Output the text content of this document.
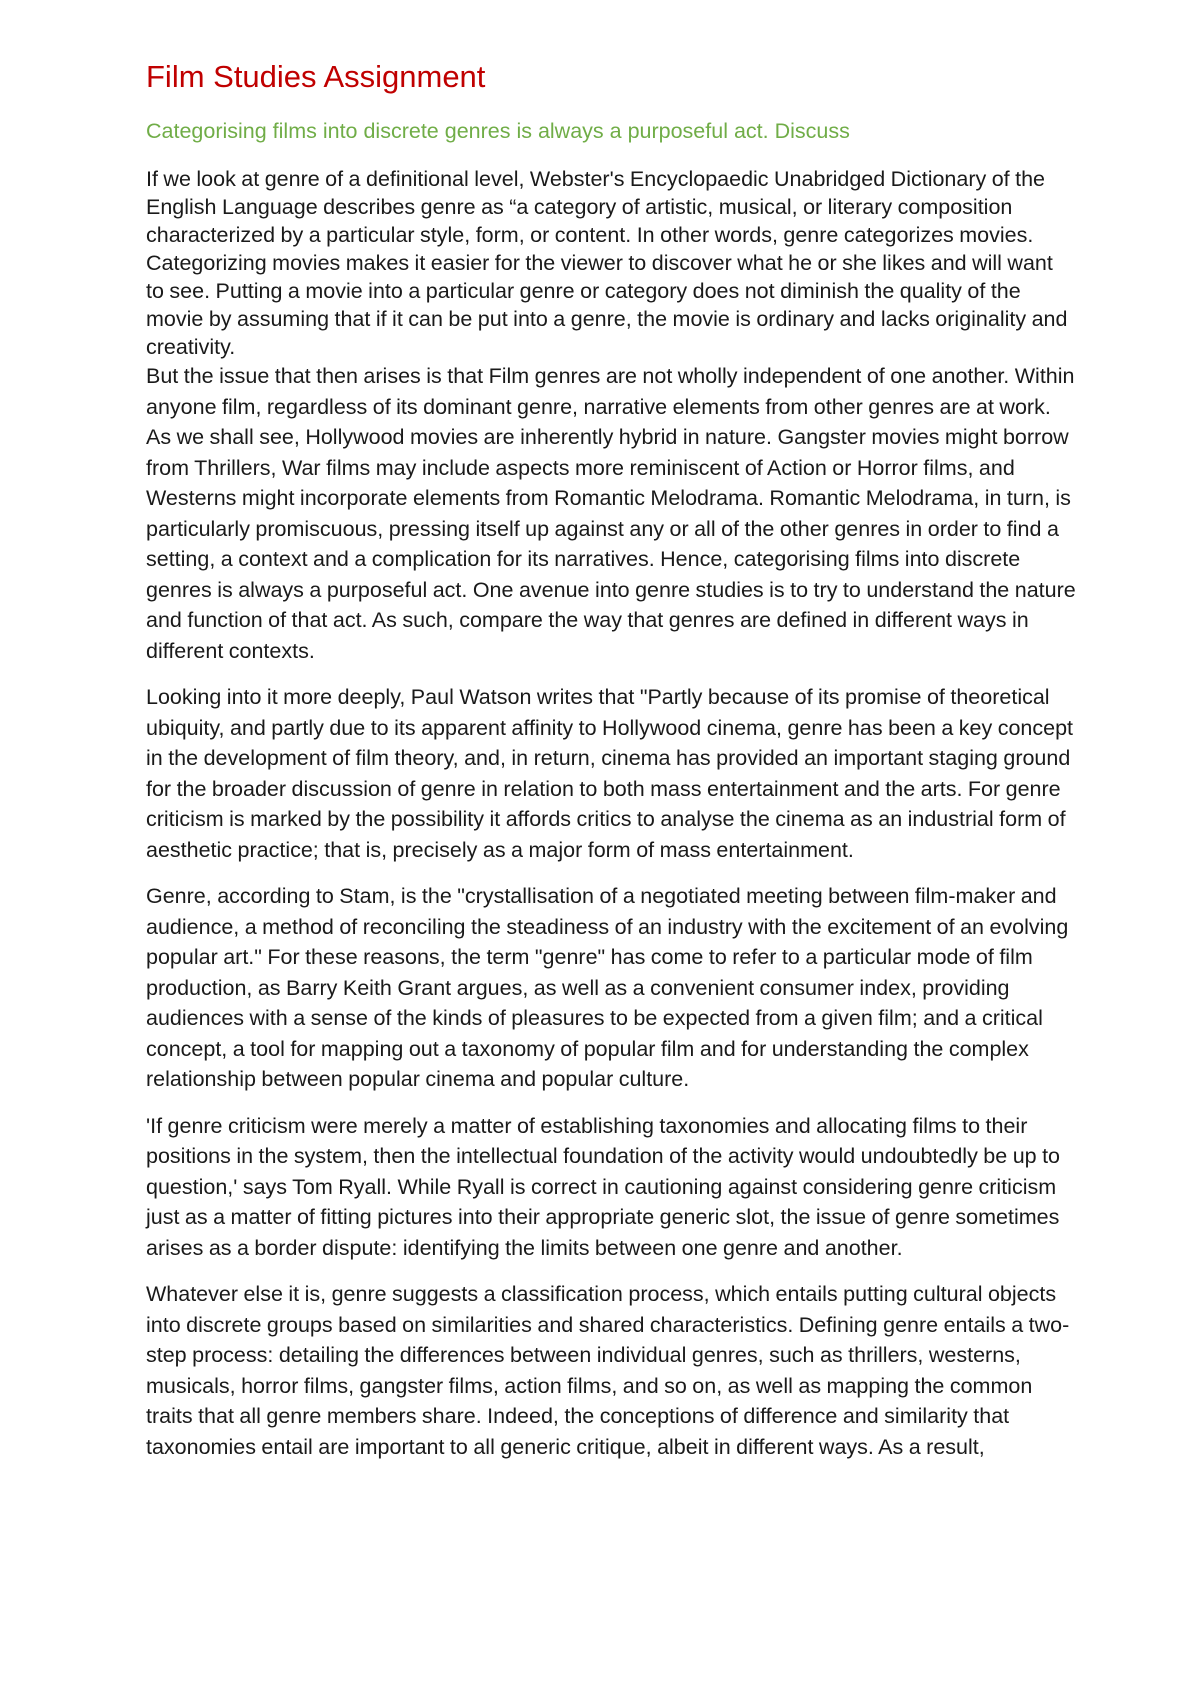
Film Studies Assignment
Categorising films into discrete genres is always a purposeful act. Discuss

If we look at genre of a definitional level, Webster's Encyclopaedic Unabridged Dictionary of the English Language describes genre as “a category of artistic, musical, or literary composition characterized by a particular style, form, or content. In other words, genre categorizes movies. Categorizing movies makes it easier for the viewer to discover what he or she likes and will want to see. Putting a movie into a particular genre or category does not diminish the quality of the movie by assuming that if it can be put into a genre, the movie is ordinary and lacks originality and creativity.

But the issue that then arises is that Film genres are not wholly independent of one another. Within anyone film, regardless of its dominant genre, narrative elements from other genres are at work. As we shall see, Hollywood movies are inherently hybrid in nature. Gangster movies might borrow from Thrillers, War films may include aspects more reminiscent of Action or Horror films, and Westerns might incorporate elements from Romantic Melodrama. Romantic Melodrama, in turn, is particularly promiscuous, pressing itself up against any or all of the other genres in order to find a setting, a context and a complication for its narratives. Hence, categorising films into discrete genres is always a purposeful act. One avenue into genre studies is to try to understand the nature and function of that act. As such, compare the way that genres are defined in different ways in different contexts.

Looking into it more deeply, Paul Watson writes that "Partly because of its promise of theoretical ubiquity, and partly due to its apparent affinity to Hollywood cinema, genre has been a key concept in the development of film theory, and, in return, cinema has provided an important staging ground for the broader discussion of genre in relation to both mass entertainment and the arts. For genre criticism is marked by the possibility it affords critics to analyse the cinema as an industrial form of aesthetic practice; that is, precisely as a major form of mass entertainment.

Genre, according to Stam, is the "crystallisation of a negotiated meeting between film-maker and audience, a method of reconciling the steadiness of an industry with the excitement of an evolving popular art." For these reasons, the term "genre" has come to refer to a particular mode of film production, as Barry Keith Grant argues, as well as a convenient consumer index, providing audiences with a sense of the kinds of pleasures to be expected from a given film; and a critical concept, a tool for mapping out a taxonomy of popular film and for understanding the complex relationship between popular cinema and popular culture.

'If genre criticism were merely a matter of establishing taxonomies and allocating films to their positions in the system, then the intellectual foundation of the activity would undoubtedly be up to question,' says Tom Ryall. While Ryall is correct in cautioning against considering genre criticism just as a matter of fitting pictures into their appropriate generic slot, the issue of genre sometimes arises as a border dispute: identifying the limits between one genre and another.

Whatever else it is, genre suggests a classification process, which entails putting cultural objects into discrete groups based on similarities and shared characteristics. Defining genre entails a two-step process: detailing the differences between individual genres, such as thrillers, westerns, musicals, horror films, gangster films, action films, and so on, as well as mapping the common traits that all genre members share. Indeed, the conceptions of difference and similarity that taxonomies entail are important to all generic critique, albeit in different ways. As a result,
